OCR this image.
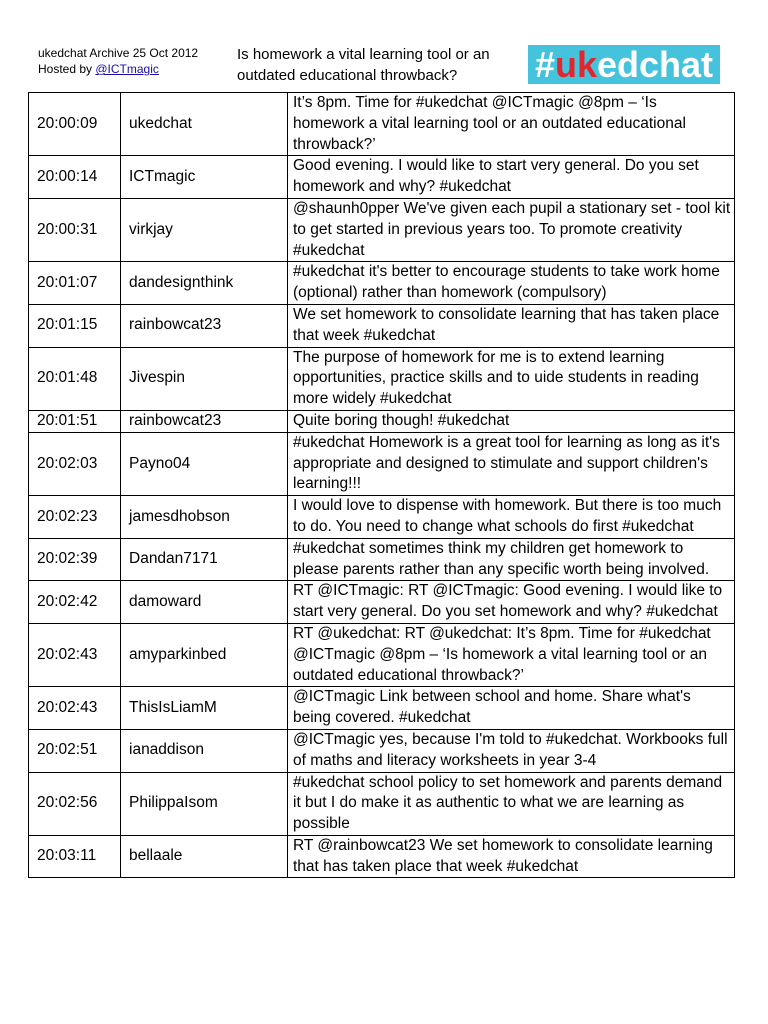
ukedchat Archive 25 Oct 2012
Hosted by @ICTmagic
Is homework a vital learning tool or an outdated educational throwback?	# uk edchat
20:00:09	ukedchat	It’s 8pm. Time for #ukedchat @ICTmagic @8pm – ‘Is homework a vital learning tool or an outdated educational throwback?’
20:00:14	ICTmagic	Good evening. I would like to start very general. Do you set homework and why? #ukedchat
20:00:31	virkjay	@shaunh0pper We've given each pupil a stationary set - tool kit to get started in previous years too. To promote creativity #ukedchat
20:01:07	dandesignthink	#ukedchat it's better to encourage students to take work home (optional) rather than homework (compulsory)
20:01:15	rainbowcat23	We set homework to consolidate learning that has taken place that week #ukedchat
20:01:48	Jivespin	The purpose of homework for me is to extend learning opportunities, practice skills and to uide students in reading more widely #ukedchat
20:01:51	rainbowcat23	Quite boring though! #ukedchat
20:02:03	Payno04	#ukedchat Homework is a great tool for learning as long as it's appropriate and designed to stimulate and support children's learning!!!
20:02:23	jamesdhobson	I would love to dispense with homework. But there is too much to do. You need to change what schools do first #ukedchat
20:02:39	Dandan7171	#ukedchat sometimes think my children get homework to please parents rather than any specific worth being involved.
20:02:42	damoward	RT @ICTmagic: RT @ICTmagic: Good evening. I would like to start very general. Do you set homework and why? #ukedchat
20:02:43	amyparkinbed	RT @ukedchat: RT @ukedchat: It’s 8pm. Time for #ukedchat @ICTmagic @8pm – ‘Is homework a vital learning tool or an outdated educational throwback?’
20:02:43	ThisIsLiamM	@ICTmagic Link between school and home. Share what's being covered. #ukedchat
20:02:51	ianaddison	@ICTmagic yes, because I'm told to #ukedchat. Workbooks full of maths and literacy worksheets in year 3-4
20:02:56	PhilippaIsom	#ukedchat school policy to set homework and parents demand it but I do make it as authentic to what we are learning as possible
20:03:11	bellaale	RT @rainbowcat23 We set homework to consolidate learning that has taken place that week #ukedchat
